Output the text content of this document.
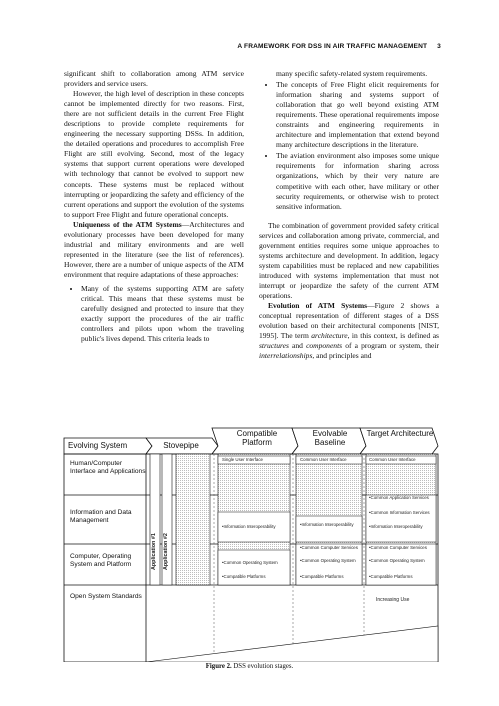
A FRAMEWORK FOR DSS IN AIR TRAFFIC MANAGEMENT 3

significant shift to collaboration among ATM service providers and service users.

However, the high level of description in these concepts cannot be implemented directly for two reasons. First, there are not sufficient details in the current Free Flight descriptions to provide complete requirements for engineering the necessary supporting DSSs. In addition, the detailed operations and procedures to accomplish Free Flight are still evolving. Second, most of the legacy systems that support current operations were developed with technology that cannot be evolved to support new concepts. These systems must be replaced without interrupting or jeopardizing the safety and efficiency of the current operations and support the evolution of the systems to support Free Flight and future operational concepts.

Uniqueness of the ATM Systems—Architectures and evolutionary processes have been developed for many industrial and military environments and are well represented in the literature (see the list of references). However, there are a number of unique aspects of the ATM environment that require adaptations of these approaches:

• Many of the systems supporting ATM are safety critical. This means that these systems must be carefully designed and protected to insure that they exactly support the procedures of the air traffic controllers and pilots upon whom the traveling public's lives depend. This criteria leads to

many specific safety-related system requirements.

• The concepts of Free Flight elicit requirements for information sharing and systems support of collaboration that go well beyond existing ATM requirements. These operational requirements impose constraints and engineering requirements in architecture and implementation that extend beyond many architecture descriptions in the literature.
• The aviation environment also imposes some unique requirements for information sharing across organizations, which by their very nature are competitive with each other, have military or other security requirements, or otherwise wish to protect sensitive information.

The combination of government provided safety critical services and collaboration among private, commercial, and government entities requires some unique approaches to systems architecture and development. In addition, legacy system capabilities must be replaced and new capabilities introduced with systems implementation that must not interrupt or jeopardize the safety of the current ATM operations.

Evolution of ATM Systems—Figure 2 shows a conceptual representation of different stages of a DSS evolution based on their architectural components [NIST, 1995]. The term architecture, in this context, is defined as structures and components of a program or system, their interrelationships, and principles and

Evolving System	Stovepipe
Compatible Platform
Evolvable Baseline
Target Architecture
Human/Computer Interface and Applications
Information and Data Management
Computer, Operating System and Platform
Open System Standards
Application #1 Application #2
Single User Interface
• Information Interoperability
• Common Operating System
• Compatible Platforms
Common User Interface
• Information Interoperability
• Common Computer Services
• Common Operating System
• Compatible Platforms
Common User Interface
• Common Application Services
• Common Information Services
• Information Interoperability
• Common Computer Services
• Common Operating System
• Compatible Platforms
Increasing Use
Figure 2. DSS evolution stages.
